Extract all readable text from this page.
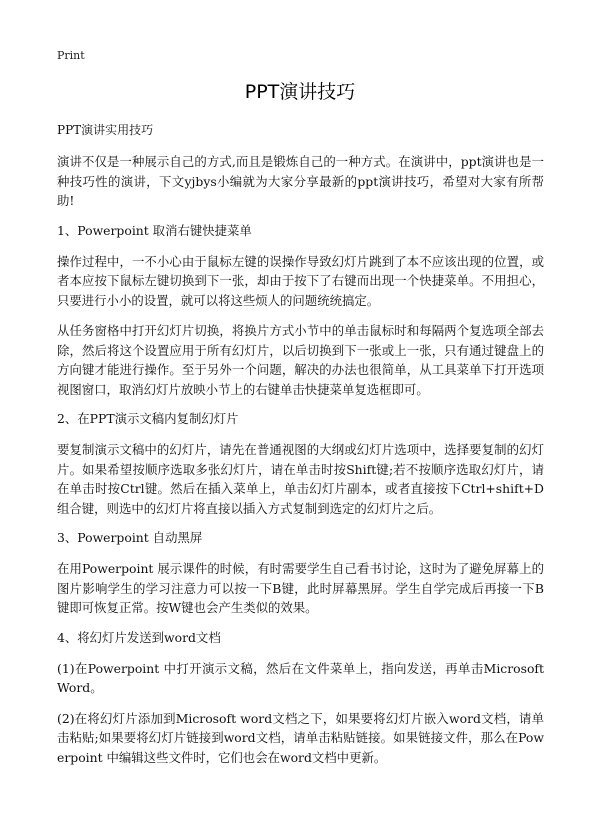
Print
PPT演讲技巧

PPT演讲实用技巧

演讲不仅是一种展示自己的方式,而且是锻炼自己的一种方式。在演讲中，ppt演讲也是一种技巧性的演讲，下文yjbys小编就为大家分享最新的ppt演讲技巧，希望对大家有所帮助!

1、Powerpoint 取消右键快捷菜单

操作过程中，一不小心由于鼠标左键的误操作导致幻灯片跳到了本不应该出现的位置，或者本应按下鼠标左键切换到下一张，却由于按下了右键而出现一个快捷菜单。不用担心，只要进行小小的设置，就可以将这些烦人的问题统统搞定。

从任务窗格中打开幻灯片切换，将换片方式小节中的单击鼠标时和每隔两个复选项全部去除，然后将这个设置应用于所有幻灯片，以后切换到下一张或上一张，只有通过键盘上的方向键才能进行操作。至于另外一个问题，解决的办法也很简单，从工具菜单下打开选项视图窗口，取消幻灯片放映小节上的右键单击快捷菜单复选框即可。

2、在PPT演示文稿内复制幻灯片

要复制演示文稿中的幻灯片，请先在普通视图的大纲或幻灯片选项中，选择要复制的幻灯片。如果希望按顺序选取多张幻灯片，请在单击时按Shift键;若不按顺序选取幻灯片，请在单击时按Ctrl键。然后在插入菜单上，单击幻灯片副本，或者直接按下Ctrl+shift+D 组合键，则选中的幻灯片将直接以插入方式复制到选定的幻灯片之后。

3、Powerpoint 自动黑屏

在用Powerpoint 展示课件的时候，有时需要学生自己看书讨论，这时为了避免屏幕上的图片影响学生的学习注意力可以按一下B键，此时屏幕黑屏。学生自学完成后再接一下B键即可恢复正常。按W键也会产生类似的效果。

4、将幻灯片发送到word文档

(1)在Powerpoint 中打开演示文稿，然后在文件菜单上，指向发送，再单击Microsoft Word。

(2)在将幻灯片添加到Microsoft word文档之下，如果要将幻灯片嵌入word文档，请单击粘贴;如果要将幻灯片链接到word文档，请单击粘贴链接。如果链接文件，那么在Powerpoint 中编辑这些文件时，它们也会在word文档中更新。
